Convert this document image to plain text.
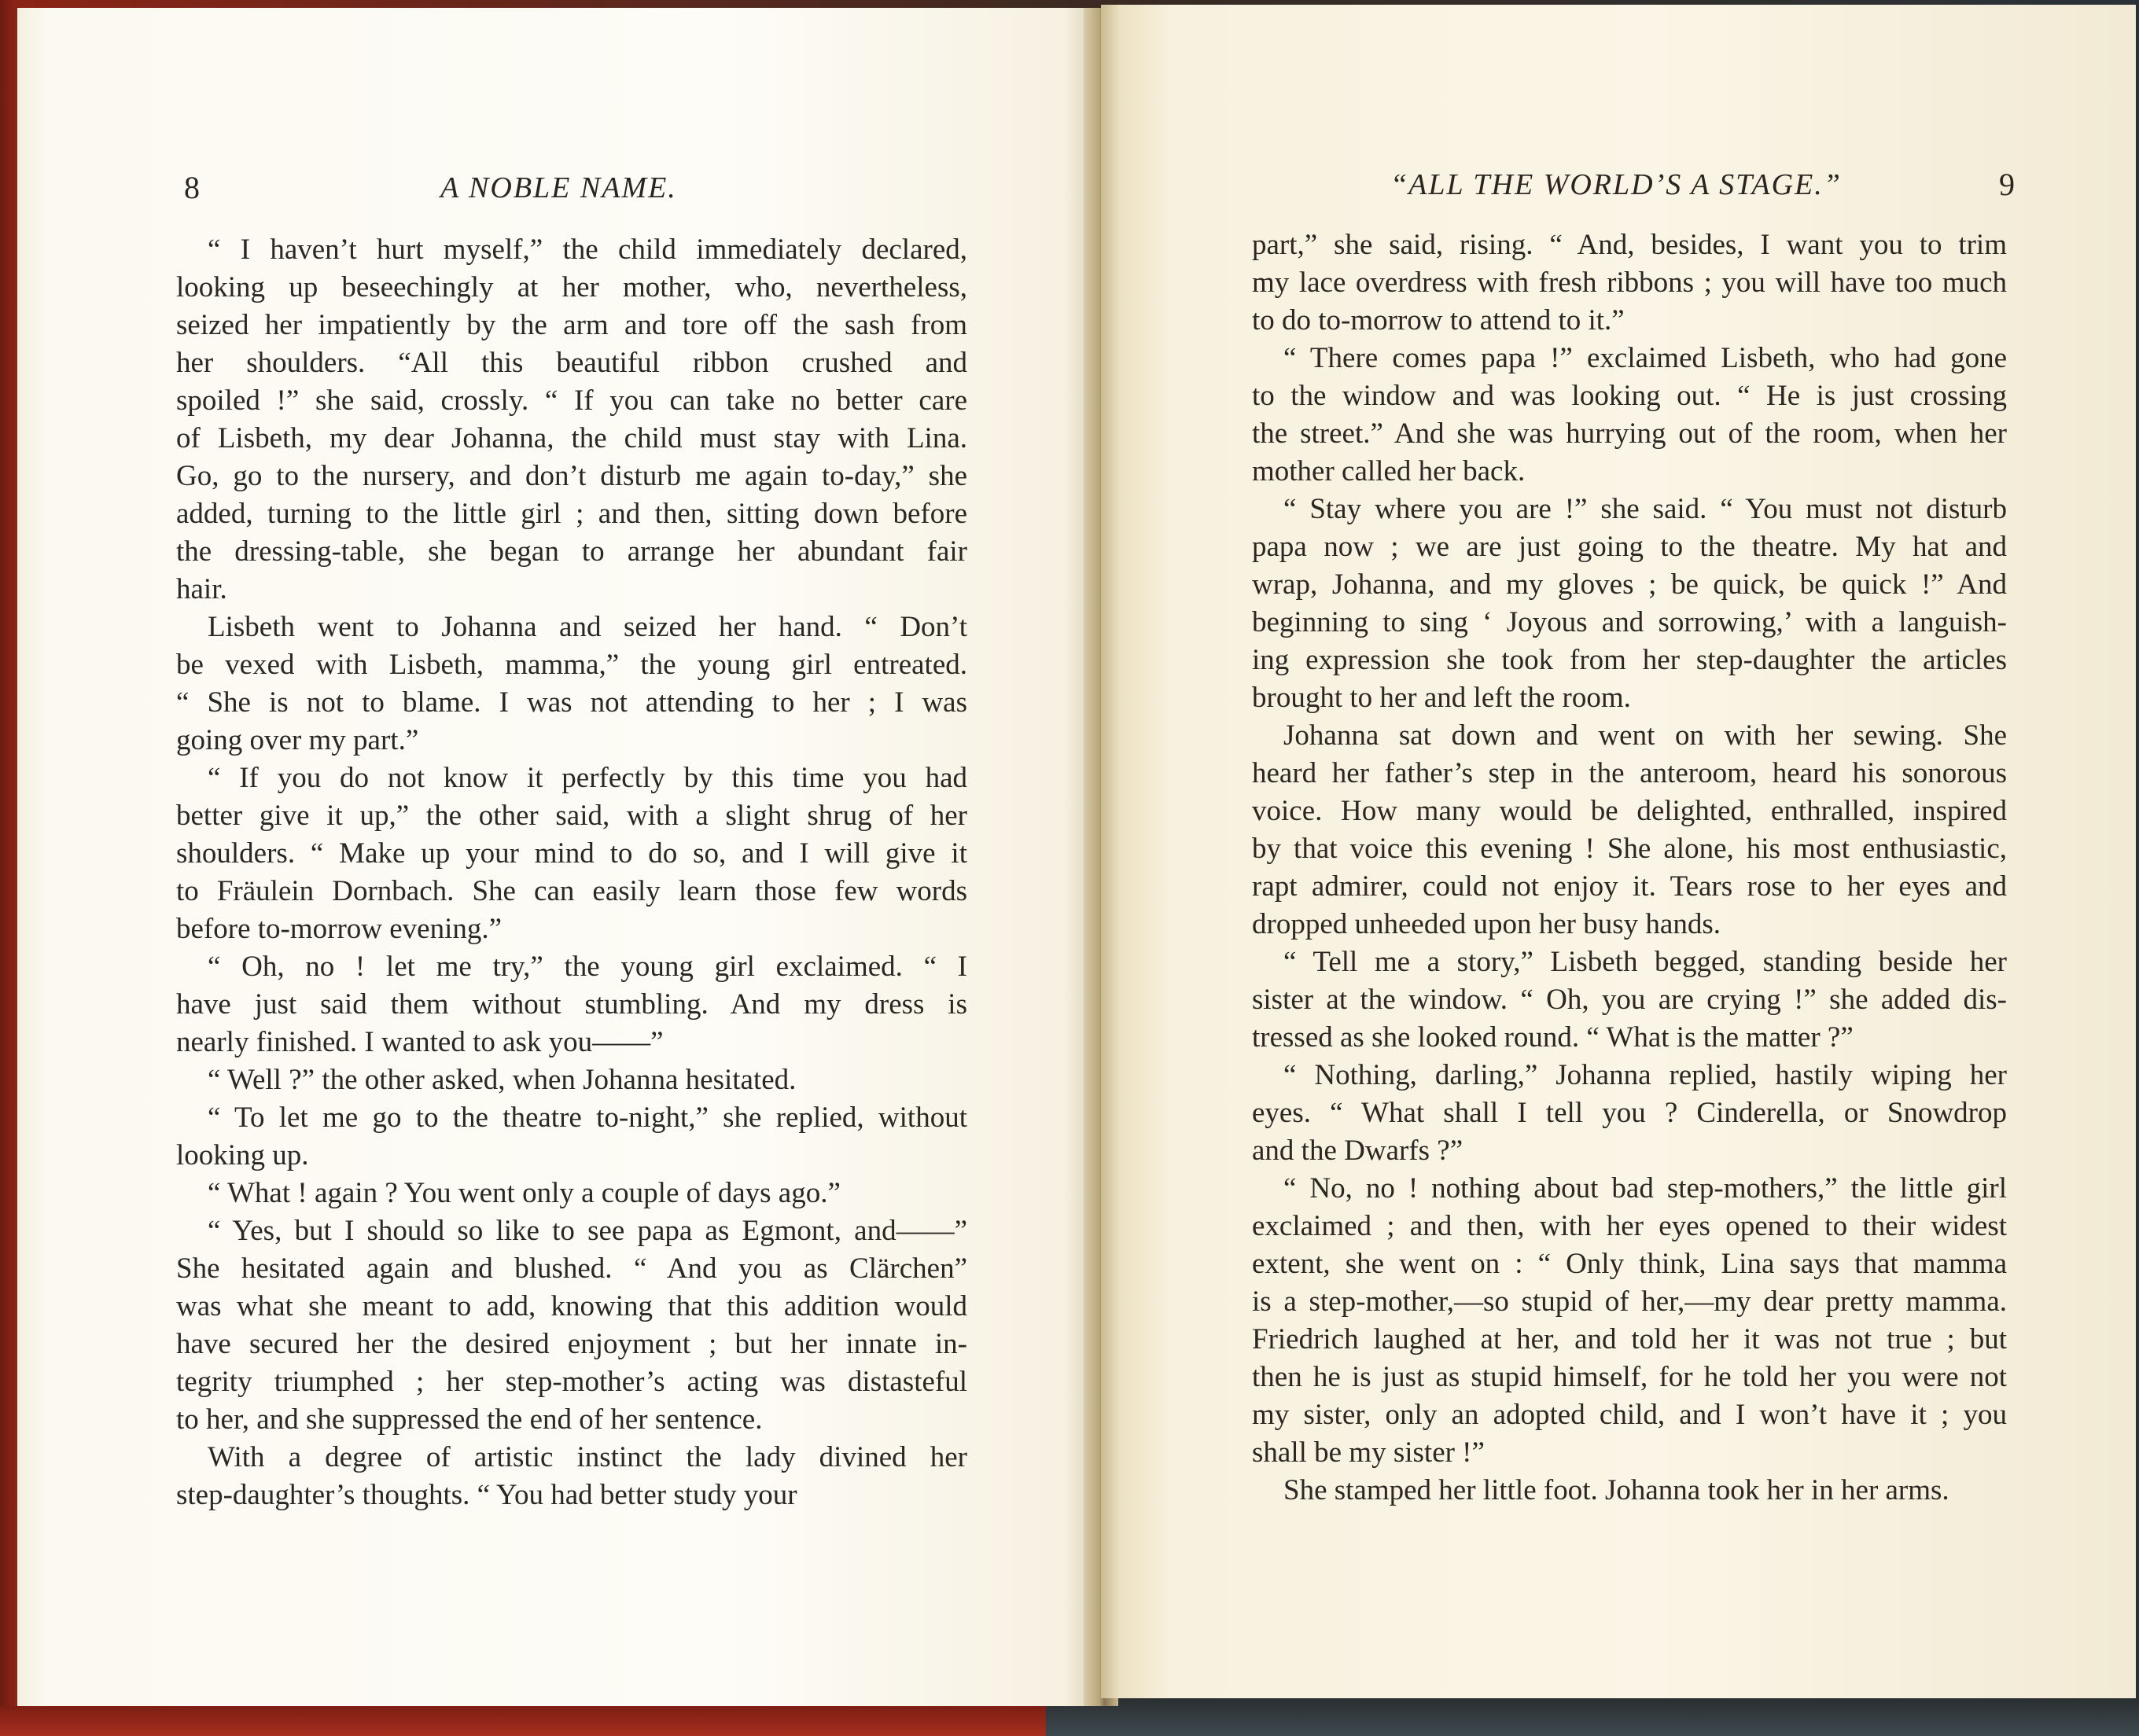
8	A NOBLE NAME.
“ I haven’t hurt myself,” the child immediately declared,
looking up beseechingly at her mother, who, nevertheless,
seized her impatiently by the arm and tore off the sash from
her shoulders. “All this beautiful ribbon crushed and
spoiled !” she said, crossly. “ If you can take no better care
of Lisbeth, my dear Johanna, the child must stay with Lina.
Go, go to the nursery, and don’t disturb me again to-day,” she
added, turning to the little girl ; and then, sitting down before
the dressing-table, she began to arrange her abundant fair
hair.
Lisbeth went to Johanna and seized her hand. “ Don’t
be vexed with Lisbeth, mamma,” the young girl entreated.
“ She is not to blame. I was not attending to her ; I was
going over my part.”
“ If you do not know it perfectly by this time you had
better give it up,” the other said, with a slight shrug of her
shoulders. “ Make up your mind to do so, and I will give it
to Fräulein Dornbach. She can easily learn those few words
before to-morrow evening.”
“ Oh, no ! let me try,” the young girl exclaimed. “ I
have just said them without stumbling. And my dress is
nearly finished. I wanted to ask you——”
“ Well ?” the other asked, when Johanna hesitated.
“ To let me go to the theatre to-night,” she replied, without
looking up.
“ What ! again ? You went only a couple of days ago.”
“ Yes, but I should so like to see papa as Egmont, and——”
She hesitated again and blushed. “ And you as Clärchen”
was what she meant to add, knowing that this addition would
have secured her the desired enjoyment ; but her innate in-
tegrity triumphed ; her step-mother’s acting was distasteful
to her, and she suppressed the end of her sentence.
With a degree of artistic instinct the lady divined her
step-daughter’s thoughts. “ You had better study your
“ALL THE WORLD’S A STAGE.”	9
part,” she said, rising. “ And, besides, I want you to trim
my lace overdress with fresh ribbons ; you will have too much
to do to-morrow to attend to it.”
“ There comes papa !” exclaimed Lisbeth, who had gone
to the window and was looking out. “ He is just crossing
the street.” And she was hurrying out of the room, when her
mother called her back.
“ Stay where you are !” she said. “ You must not disturb
papa now ; we are just going to the theatre. My hat and
wrap, Johanna, and my gloves ; be quick, be quick !” And
beginning to sing ‘ Joyous and sorrowing,’ with a languish-
ing expression she took from her step-daughter the articles
brought to her and left the room.
Johanna sat down and went on with her sewing. She
heard her father’s step in the anteroom, heard his sonorous
voice. How many would be delighted, enthralled, inspired
by that voice this evening ! She alone, his most enthusiastic,
rapt admirer, could not enjoy it. Tears rose to her eyes and
dropped unheeded upon her busy hands.
“ Tell me a story,” Lisbeth begged, standing beside her
sister at the window. “ Oh, you are crying !” she added dis-
tressed as she looked round. “ What is the matter ?”
“ Nothing, darling,” Johanna replied, hastily wiping her
eyes. “ What shall I tell you ? Cinderella, or Snowdrop
and the Dwarfs ?”
“ No, no ! nothing about bad step-mothers,” the little girl
exclaimed ; and then, with her eyes opened to their widest
extent, she went on : “ Only think, Lina says that mamma
is a step-mother,—so stupid of her,—my dear pretty mamma.
Friedrich laughed at her, and told her it was not true ; but
then he is just as stupid himself, for he told her you were not
my sister, only an adopted child, and I won’t have it ; you
shall be my sister !”
She stamped her little foot. Johanna took her in her arms.
